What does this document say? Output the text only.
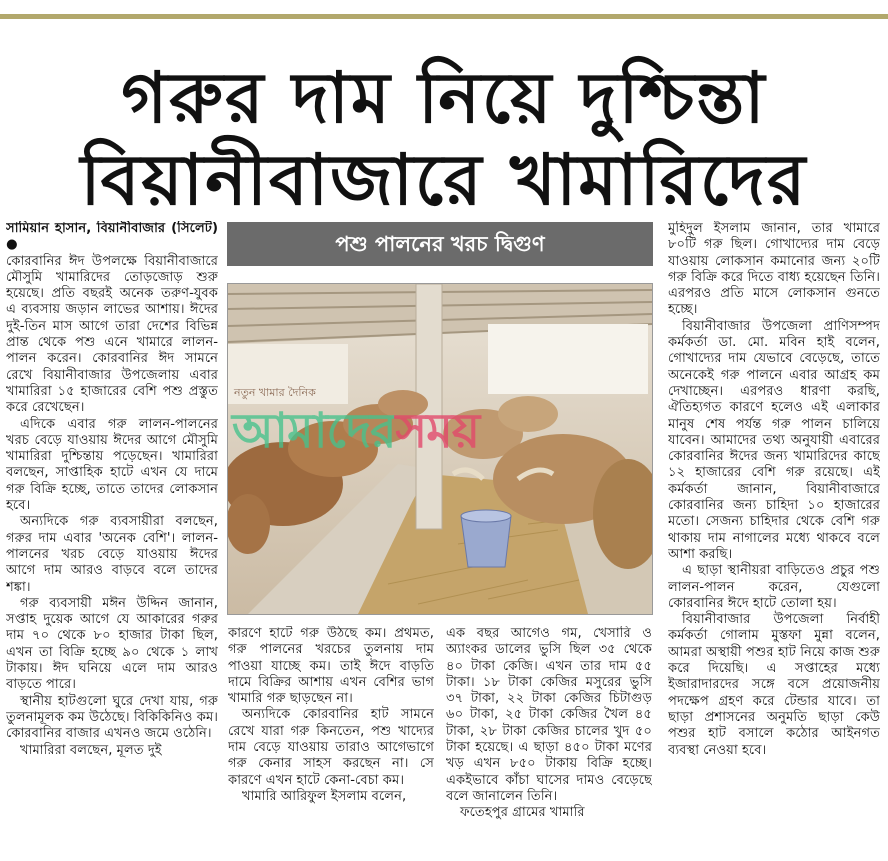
গরুর দাম নিয়ে দুশ্চিন্তা
বিয়ানীবাজারে খামারিদের

সামিয়ান হাসান, বিয়ানীবাজার (সিলেট) ●

কোরবানির ঈদ উপলক্ষে বিয়ানীবাজারে মৌসুমি খামারিদের তোড়জোড় শুরু হয়েছে। প্রতি বছরই অনেক তরুণ-যুবক এ ব্যবসায় জড়ান লাভের আশায়। ঈদের দুই-তিন মাস আগে তারা দেশের বিভিন্ন প্রান্ত থেকে পশু এনে খামারে লালন-পালন করেন। কোরবানির ঈদ সামনে রেখে বিয়ানীবাজার উপজেলায় এবার খামারিরা ১৫ হাজারের বেশি পশু প্রস্তুত করে রেখেছেন।

এদিকে এবার গরু লালন-পালনের খরচ বেড়ে যাওয়ায় ঈদের আগে মৌসুমি খামারিরা দুশ্চিন্তায় পড়েছেন। খামারিরা বলছেন, সাপ্তাহিক হাটে এখন যে দামে গরু বিক্রি হচ্ছে, তাতে তাদের লোকসান হবে।

অন্যদিকে গরু ব্যবসায়ীরা বলছেন, গরুর দাম এবার 'অনেক বেশি'। লালন-পালনের খরচ বেড়ে যাওয়ায় ঈদের আগে দাম আরও বাড়বে বলে তাদের শঙ্কা।

গরু ব্যবসায়ী মঈন উদ্দিন জানান, সপ্তাহ দুয়েক আগে যে আকারের গরুর দাম ৭০ থেকে ৮০ হাজার টাকা ছিল, এখন তা বিক্রি হচ্ছে ৯০ থেকে ১ লাখ টাকায়। ঈদ ঘনিয়ে এলে দাম আরও বাড়তে পারে।

স্থানীয় হাটগুলো ঘুরে দেখা যায়, গরু তুলনামূলক কম উঠেছে। বিকিকিনিও কম। কোরবানির বাজার এখনও জমে ওঠেনি।

খামারিরা বলছেন, মূলত দুই

পশু পালনের খরচ দ্বিগুণ
নতুন খামার দৈনিক
আমাদেরসময়

কারণে হাটে গরু উঠছে কম। প্রথমত, গরু পালনের খরচের তুলনায় দাম পাওয়া যাচ্ছে কম। তাই ঈদে বাড়তি দামে বিক্রির আশায় এখন বেশির ভাগ খামারি গরু ছাড়ছেন না।

অন্যদিকে কোরবানির হাট সামনে রেখে যারা গরু কিনতেন, পশু খাদ্যের দাম বেড়ে যাওয়ায় তারাও আগেভাগে গরু কেনার সাহস করছেন না। সে কারণে এখন হাটে কেনা-বেচা কম।

খামারি আরিফুল ইসলাম বলেন,

এক বছর আগেও গম, খেসারি ও অ্যাংকর ডালের ভুসি ছিল ৩৫ থেকে ৪০ টাকা কেজি। এখন তার দাম ৫৫ টাকা। ১৮ টাকা কেজির মসুরের ভুসি ৩৭ টাকা, ২২ টাকা কেজির চিটাগুড় ৬০ টাকা, ২৫ টাকা কেজির খৈল ৪৫ টাকা, ২৮ টাকা কেজির চালের খুদ ৫০ টাকা হয়েছে। এ ছাড়া ৪৫০ টাকা মণের খড় এখন ৮৫০ টাকায় বিক্রি হচ্ছে। একইভাবে কাঁচা ঘাসের দামও বেড়েছে বলে জানালেন তিনি।

ফতেহপুর গ্রামের খামারি

মুহিদুল ইসলাম জানান, তার খামারে ৮০টি গরু ছিল। গোখাদ্যের দাম বেড়ে যাওয়ায় লোকসান কমানোর জন্য ২০টি গরু বিক্রি করে দিতে বাধ্য হয়েছেন তিনি। এরপরও প্রতি মাসে লোকসান গুনতে হচ্ছে।

বিয়ানীবাজার উপজেলা প্রাণিসম্পদ কর্মকর্তা ডা. মো. মবিন হাই বলেন, গোখাদ্যের দাম যেভাবে বেড়েছে, তাতে অনেকেই গরু পালনে এবার আগ্রহ কম দেখাচ্ছেন। এরপরও ধারণা করছি, ঐতিহ্যগত কারণে হলেও এই এলাকার মানুষ শেষ পর্যন্ত গরু পালন চালিয়ে যাবেন। আমাদের তথ্য অনুযায়ী এবারের কোরবানির ঈদের জন্য খামারিদের কাছে ১২ হাজারের বেশি গরু রয়েছে। এই কর্মকর্তা জানান, বিয়ানীবাজারে কোরবানির জন্য চাহিদা ১০ হাজারের মতো। সেজন্য চাহিদার থেকে বেশি গরু থাকায় দাম নাগালের মধ্যে থাকবে বলে আশা করছি।

এ ছাড়া স্থানীয়রা বাড়িতেও প্রচুর পশু লালন-পালন করেন, যেগুলো কোরবানির ঈদে হাটে তোলা হয়।

বিয়ানীবাজার উপজেলা নির্বাহী কর্মকর্তা গোলাম মুস্তফা মুন্না বলেন, আমরা অস্থায়ী পশুর হাট নিয়ে কাজ শুরু করে দিয়েছি। এ সপ্তাহের মধ্যে ইজারাদারদের সঙ্গে বসে প্রয়োজনীয় পদক্ষেপ গ্রহণ করে টেন্ডার যাবে। তা ছাড়া প্রশাসনের অনুমতি ছাড়া কেউ পশুর হাট বসালে কঠোর আইনগত ব্যবস্থা নেওয়া হবে।
